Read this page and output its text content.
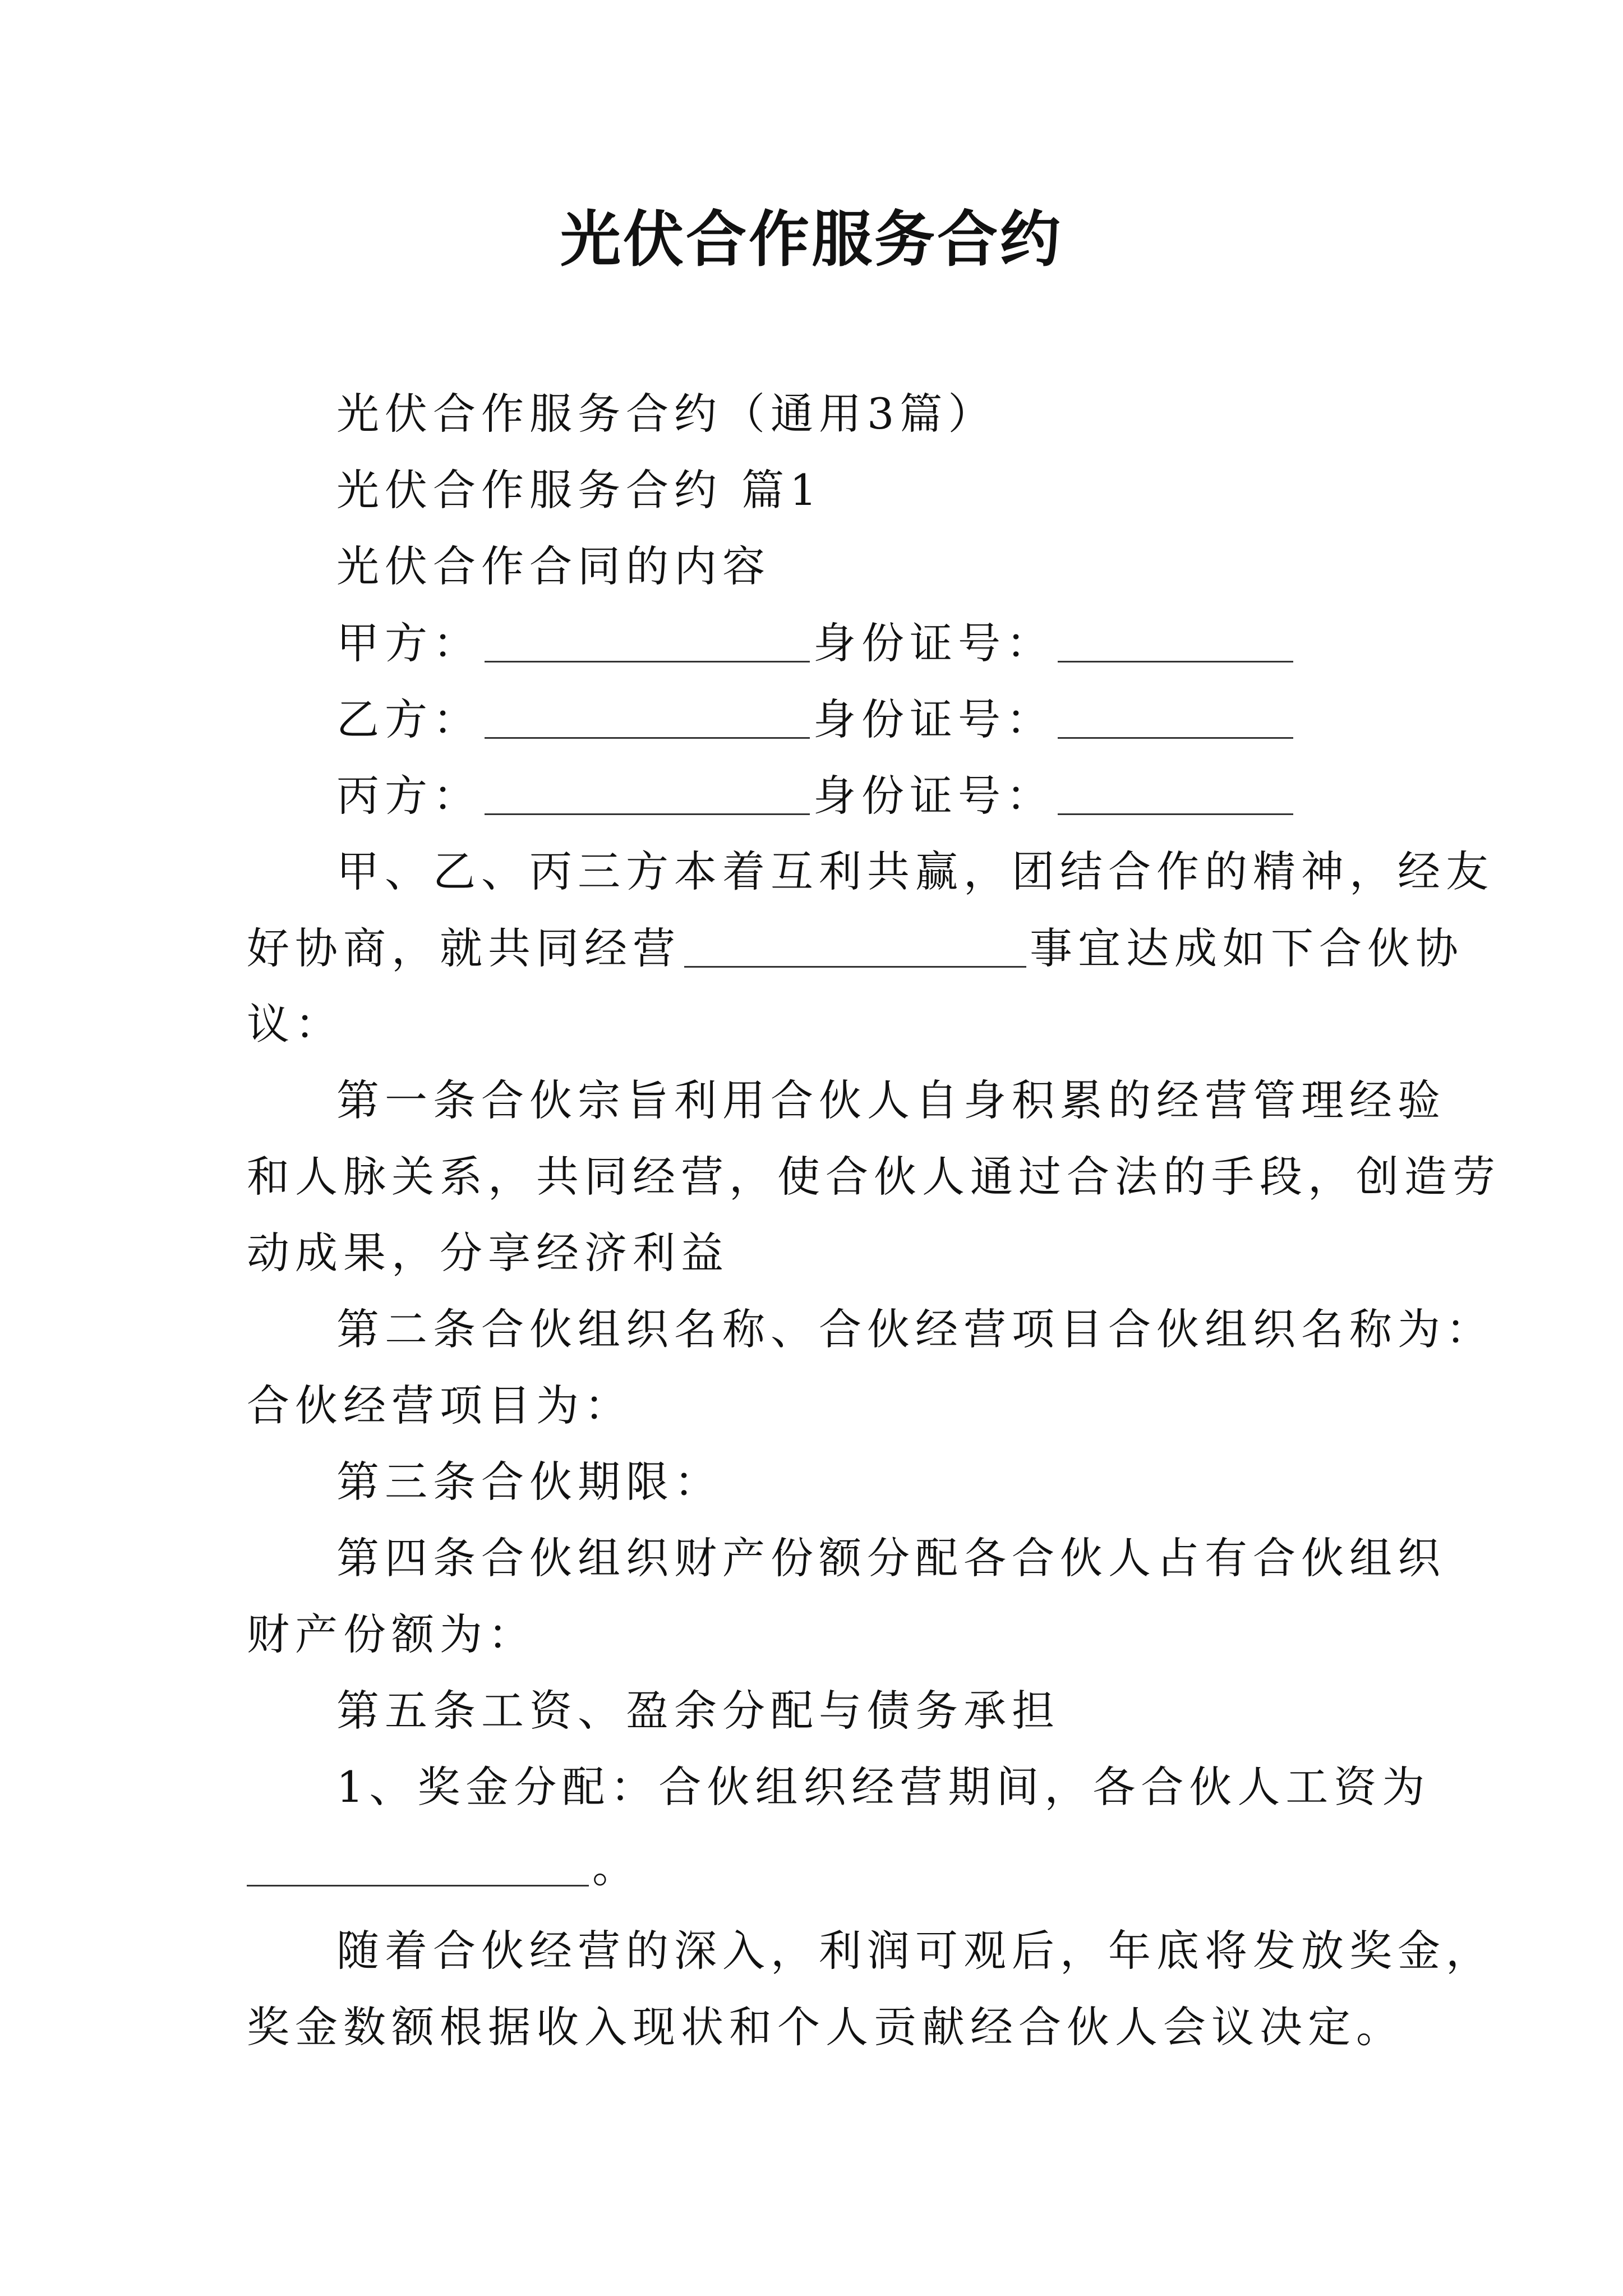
光伏合作服务合约
光伏合作服务合约（通用3篇）
光伏合作服务合约 篇1
光伏合作合同的内容
甲方：	身份证号：
乙方：	身份证号：
丙方：	身份证号：
甲、乙、丙三方本着互利共赢，团结合作的精神，经友
好协商，就共同经营	事宜达成如下合伙协
议：
第一条合伙宗旨利用合伙人自身积累的经营管理经验
和人脉关系，共同经营，使合伙人通过合法的手段，创造劳
动成果，分享经济利益
第二条合伙组织名称、合伙经营项目合伙组织名称为：
合伙经营项目为：
第三条合伙期限：
第四条合伙组织财产份额分配各合伙人占有合伙组织
财产份额为：
第五条工资、盈余分配与债务承担
1、奖金分配：合伙组织经营期间，各合伙人工资为
。
随着合伙经营的深入，利润可观后，年底将发放奖金，
奖金数额根据收入现状和个人贡献经合伙人会议决定。
